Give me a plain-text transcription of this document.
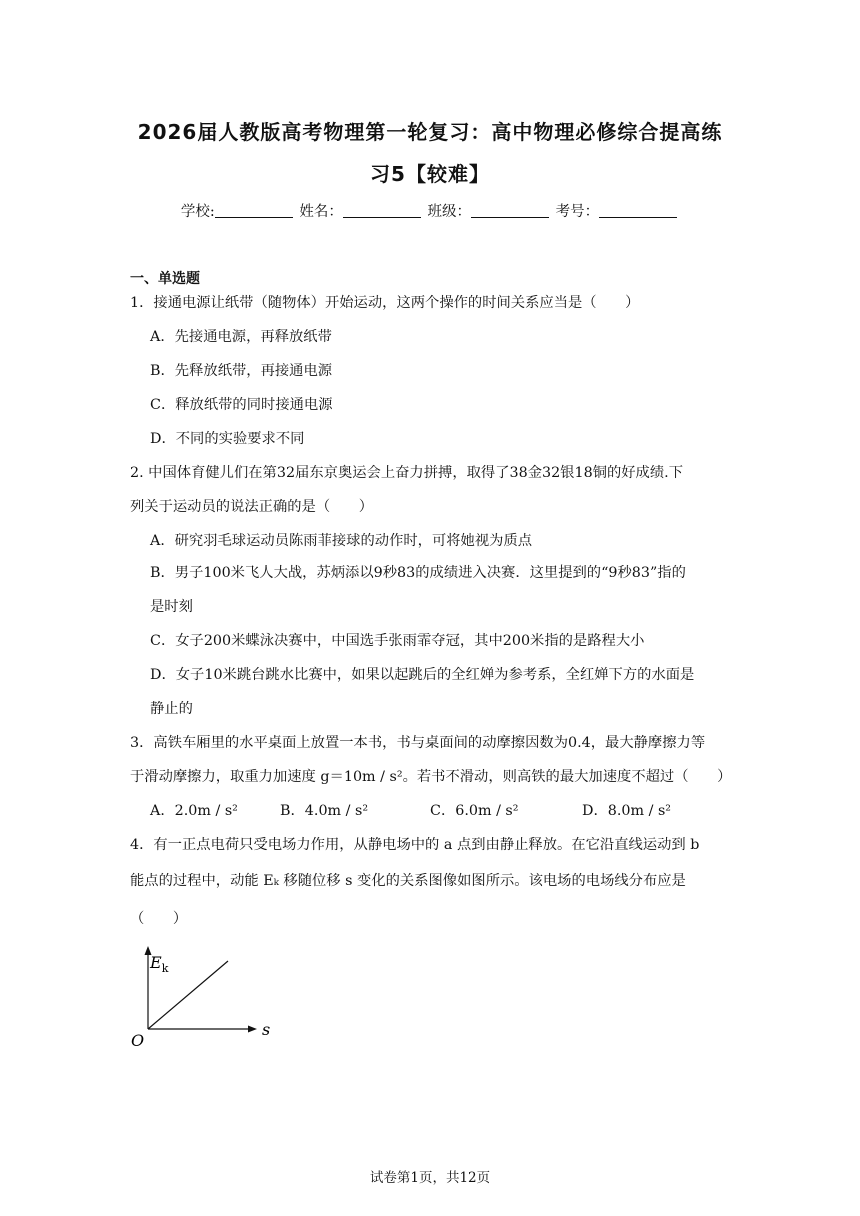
2026届人教版高考物理第一轮复习：高中物理必修综合提高练
习5【较难】
学校:	姓名：	班级：	考号：
一、单选题
1．接通电源让纸带（随物体）开始运动，这两个操作的时间关系应当是（　　）
A．先接通电源，再释放纸带
B．先释放纸带，再接通电源
C．释放纸带的同时接通电源
D．不同的实验要求不同
2. 中国体育健儿们在第32届东京奥运会上奋力拼搏，取得了38金32银18铜的好成绩.下
列关于运动员的说法正确的是（　　）
A．研究羽毛球运动员陈雨菲接球的动作时，可将她视为质点
B．男子100米飞人大战，苏炳添以9秒83的成绩进入决赛．这里提到的“9秒83”指的
是时刻
C．女子200米蝶泳决赛中，中国选手张雨霏夺冠，其中200米指的是路程大小
D．女子10米跳台跳水比赛中，如果以起跳后的全红婵为参考系，全红婵下方的水面是
静止的
3．高铁车厢里的水平桌面上放置一本书，书与桌面间的动摩擦因数为0.4，最大静摩擦力等
于滑动摩擦力，取重力加速度 g＝10m / s²。若书不滑动，则高铁的最大加速度不超过（　　）
A．2.0m / s²	B．4.0m / s²	C．6.0m / s²	D．8.0m / s²
4．有一正点电荷只受电场力作用，从静电场中的 a 点到由静止释放。在它沿直线运动到 b
能点的过程中，动能 Eₖ 移随位移 s 变化的关系图像如图所示。该电场的电场线分布应是
（　　）
$E_k$
s
O
试卷第1页，共12页
